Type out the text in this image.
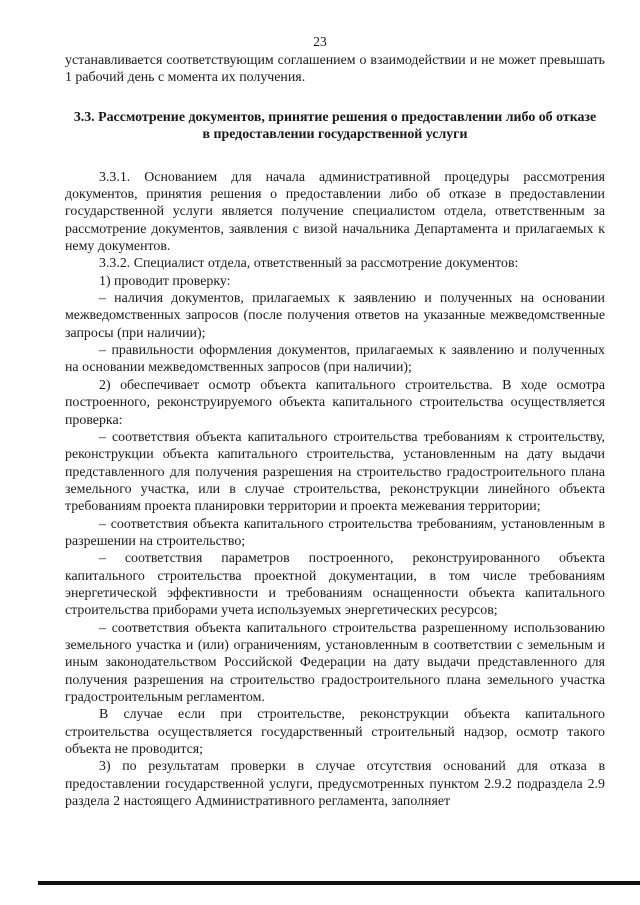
23

устанавливается соответствующим соглашением о взаимодействии и не может превышать 1 рабочий день с момента их получения.

3.3. Рассмотрение документов, принятие решения о предоставлении либо об отказе в предоставлении государственной услуги

3.3.1. Основанием для начала административной процедуры рассмотрения документов, принятия решения о предоставлении либо об отказе в предоставлении государственной услуги является получение специалистом отдела, ответственным за рассмотрение документов, заявления с визой начальника Департамента и прилагаемых к нему документов.

3.3.2. Специалист отдела, ответственный за рассмотрение документов:

1) проводит проверку:

– наличия документов, прилагаемых к заявлению и полученных на основании межведомственных запросов (после получения ответов на указанные межведомственные запросы (при наличии);

– правильности оформления документов, прилагаемых к заявлению и полученных на основании межведомственных запросов (при наличии);

2) обеспечивает осмотр объекта капитального строительства. В ходе осмотра построенного, реконструируемого объекта капитального строительства осуществляется проверка:

– соответствия объекта капитального строительства требованиям к строительству, реконструкции объекта капитального строительства, установленным на дату выдачи представленного для получения разрешения на строительство градостроительного плана земельного участка, или в случае строительства, реконструкции линейного объекта требованиям проекта планировки территории и проекта межевания территории;

– соответствия объекта капитального строительства требованиям, установленным в разрешении на строительство;

– соответствия параметров построенного, реконструированного объекта капитального строительства проектной документации, в том числе требованиям энергетической эффективности и требованиям оснащенности объекта капитального строительства приборами учета используемых энергетических ресурсов;

– соответствия объекта капитального строительства разрешенному использованию земельного участка и (или) ограничениям, установленным в соответствии с земельным и иным законодательством Российской Федерации на дату выдачи представленного для получения разрешения на строительство градостроительного плана земельного участка градостроительным регламентом.

В случае если при строительстве, реконструкции объекта капитального строительства осуществляется государственный строительный надзор, осмотр такого объекта не проводится;

3) по результатам проверки в случае отсутствия оснований для отказа в предоставлении государственной услуги, предусмотренных пунктом 2.9.2 подраздела 2.9 раздела 2 настоящего Административного регламента, заполняет
